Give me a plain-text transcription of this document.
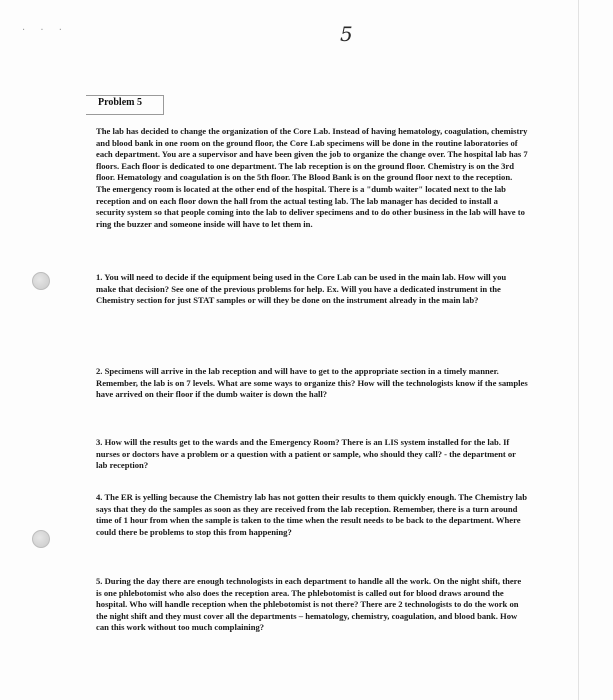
. . .	5
Problem 5
The lab has decided to change the organization of the Core Lab. Instead of having hematology, coagulation, chemistry and blood bank in one room on the ground floor, the Core Lab specimens will be done in the routine laboratories of each department. You are a supervisor and have been given the job to organize the change over. The hospital lab has 7 floors. Each floor is dedicated to one department. The lab reception is on the ground floor. Chemistry is on the 3rd floor. Hematology and coagulation is on the 5th floor. The Blood Bank is on the ground floor next to the reception. The emergency room is located at the other end of the hospital. There is a "dumb waiter" located next to the lab reception and on each floor down the hall from the actual testing lab. The lab manager has decided to install a security system so that people coming into the lab to deliver specimens and to do other business in the lab will have to ring the buzzer and someone inside will have to let them in.
1. You will need to decide if the equipment being used in the Core Lab can be used in the main lab. How will you make that decision? See one of the previous problems for help. Ex. Will you have a dedicated instrument in the Chemistry section for just STAT samples or will they be done on the instrument already in the main lab?
2. Specimens will arrive in the lab reception and will have to get to the appropriate section in a timely manner. Remember, the lab is on 7 levels. What are some ways to organize this? How will the technologists know if the samples have arrived on their floor if the dumb waiter is down the hall?
3. How will the results get to the wards and the Emergency Room? There is an LIS system installed for the lab. If nurses or doctors have a problem or a question with a patient or sample, who should they call? - the department or lab reception?
4. The ER is yelling because the Chemistry lab has not gotten their results to them quickly enough. The Chemistry lab says that they do the samples as soon as they are received from the lab reception. Remember, there is a turn around time of 1 hour from when the sample is taken to the time when the result needs to be back to the department. Where could there be problems to stop this from happening?
5. During the day there are enough technologists in each department to handle all the work. On the night shift, there is one phlebotomist who also does the reception area. The phlebotomist is called out for blood draws around the hospital. Who will handle reception when the phlebotomist is not there? There are 2 technologists to do the work on the night shift and they must cover all the departments – hematology, chemistry, coagulation, and blood bank. How can this work without too much complaining?
